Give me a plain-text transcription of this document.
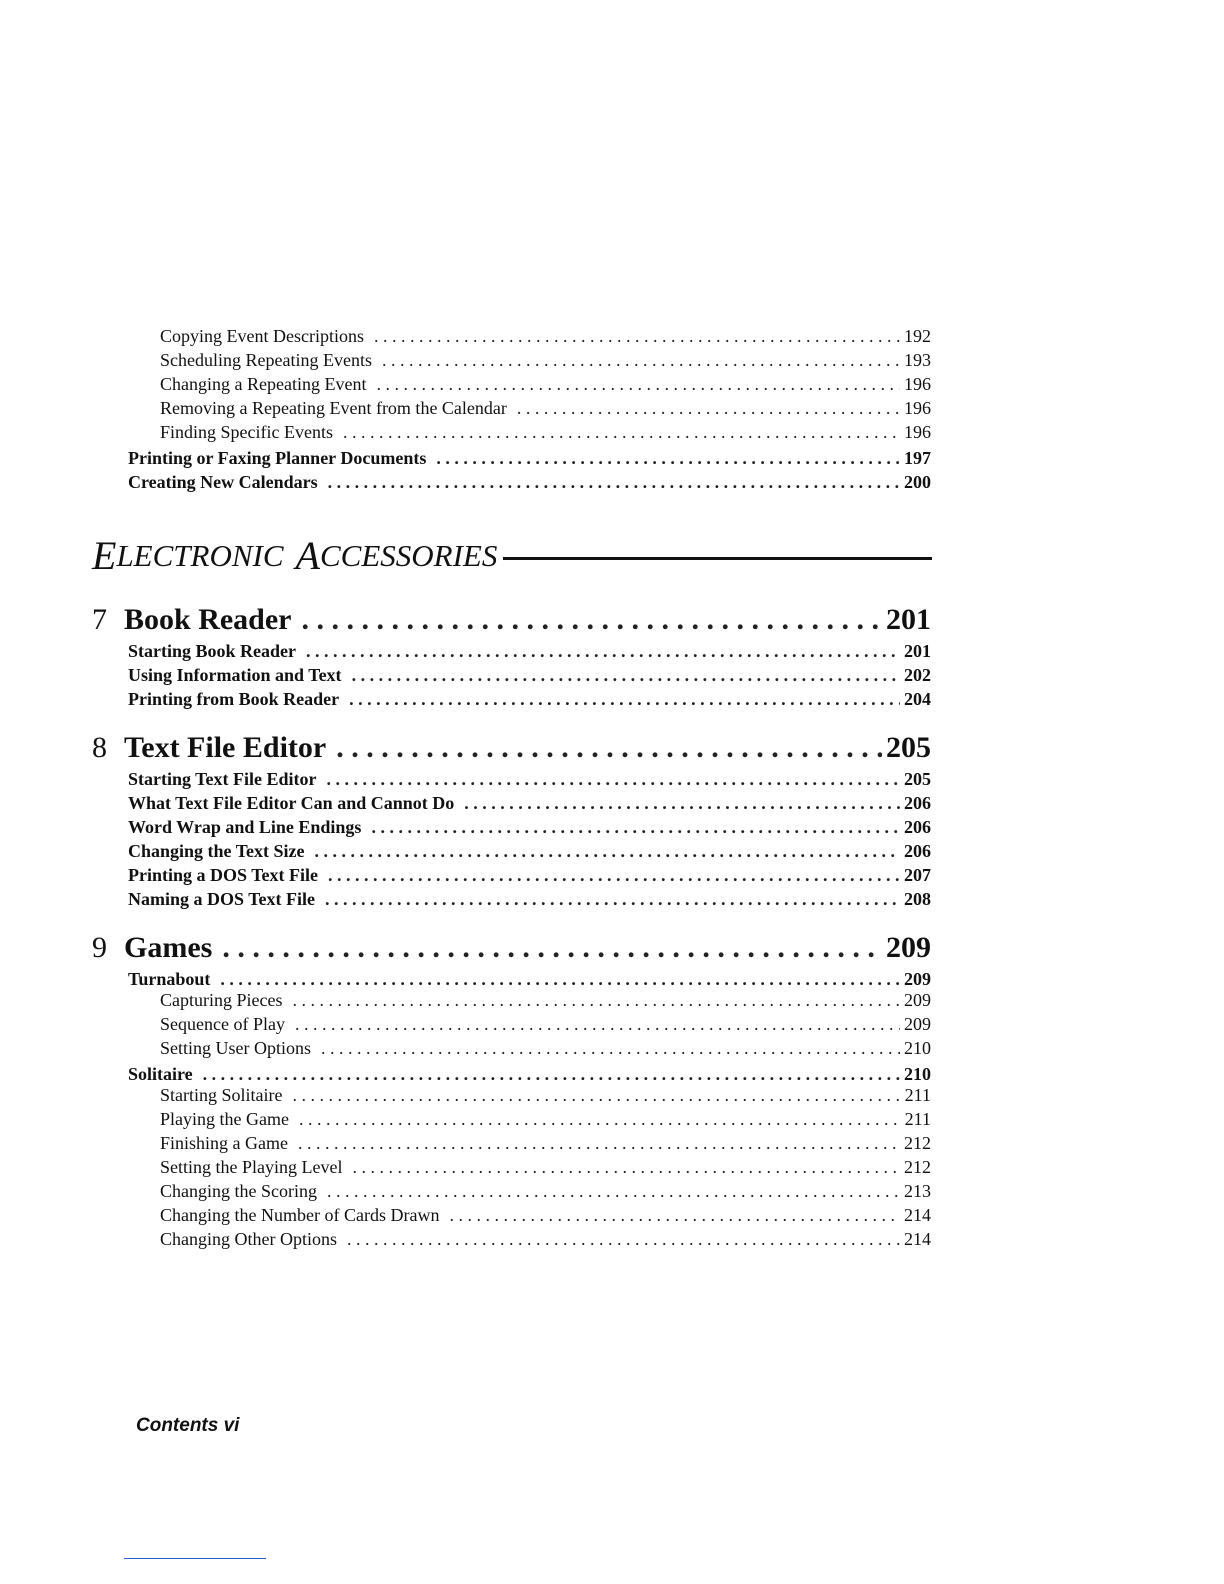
Copying Event Descriptions . . .	192
Scheduling Repeating Events . . .	193
Changing a Repeating Event . . .	196
Removing a Repeating Event from the Calendar . . .	196
Finding Specific Events . . .	196
Printing or Faxing Planner Documents . . .	197
Creating New Calendars . . .	200
E LECTRONIC A CCESSORIES
7 Book Reader . . .	201
Starting Book Reader . . .	201
Using Information and Text . . .	202
Printing from Book Reader . . .	204
8 Text File Editor . . .	205
Starting Text File Editor . . .	205
What Text File Editor Can and Cannot Do . . .	206
Word Wrap and Line Endings . . .	206
Changing the Text Size . . .	206
Printing a DOS Text File . . .	207
Naming a DOS Text File . . .	208
9 Games . . .	209
Turnabout . . .	209
Capturing Pieces . . .	209
Sequence of Play . . .	209
Setting User Options . . .	210
Solitaire . . .	210
Starting Solitaire . . .	211
Playing the Game . . .	211
Finishing a Game . . .	212
Setting the Playing Level . . .	212
Changing the Scoring . . .	213
Changing the Number of Cards Drawn . . .	214
Changing Other Options . . .	214
Contents vi
